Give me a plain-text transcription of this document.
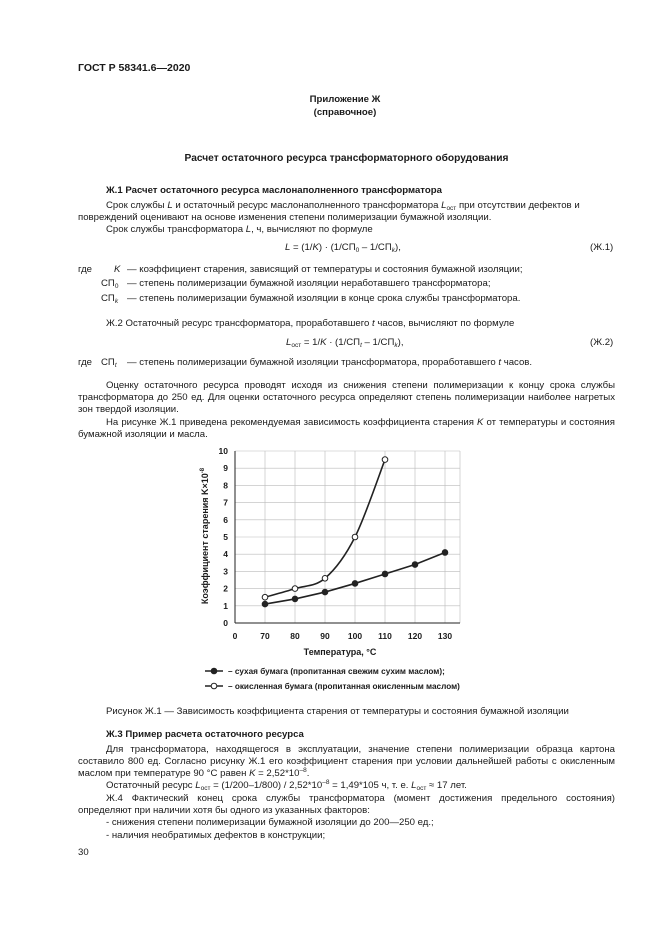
ГОСТ Р 58341.6—2020
Приложение Ж
(справочное)
Расчет остаточного ресурса трансформаторного оборудования
Ж.1 Расчет остаточного ресурса маслонаполненного трансформатора
Срок службы L и остаточный ресурс маслонаполненного трансформатора $L_{ост}$ при отсутствии дефектов и
повреждений оценивают на основе изменения степени полимеризации бумажной изоляции.
Срок службы трансформатора L, ч, вычисляют по формуле
$L = (1/K) \cdot (1/СП_0 - 1/СП_k)$,	(Ж.1)
где K — коэффициент старения, зависящий от температуры и состояния бумажной изоляции;
$СП_0$ — степень полимеризации бумажной изоляции неработавшего трансформатора;
$СП_k$ — степень полимеризации бумажной изоляции в конце срока службы трансформатора.
Ж.2 Остаточный ресурс трансформатора, проработавшего t часов, вычисляют по формуле
$L_{ост} = 1/K \cdot (1/СП_t - 1/СП_k)$,	(Ж.2)
где $СП_t$ — степень полимеризации бумажной изоляции трансформатора, проработавшего t часов.
Оценку остаточного ресурса проводят исходя из снижения степени полимеризации к концу срока службы трансформатора до 250 ед. Для оценки остаточного ресурса определяют степень полимеризации наиболее нагретых зон твердой изоляции.
На рисунке Ж.1 приведена рекомендуемая зависимость коэффициента старения K от температуры и состояния бумажной изоляции и масла.
0
1
2
3
4
5
6
7
8
9
10
0	70 80 90 100 110 120 130
Температура, °С
Коэффициент старения $K\times 10^{-8}$
– сухая бумага (пропитанная свежим сухим маслом);
– окисленная бумага (пропитанная окисленным маслом)
Рисунок Ж.1 — Зависимость коэффициента старения от температуры и состояния бумажной изоляции
Ж.3 Пример расчета остаточного ресурса
Для трансформатора, находящегося в эксплуатации, значение степени полимеризации образца картона составило 800 ед. Согласно рисунку Ж.1 его коэффициент старения при условии дальнейшей работы с окисленным маслом при температуре 90 °С равен $K = 2,52*10^{-8}$.
Остаточный ресурс $L_{ост} = (1/200-1/800) / 2,52*10^{-8} = 1,49*105$ ч, т. е. $L_{ост} \approx 17$ лет.
Ж.4 Фактический конец срока службы трансформатора (момент достижения предельного состояния) определяют при наличии хотя бы одного из указанных факторов:
- снижения степени полимеризации бумажной изоляции до 200—250 ед.;
- наличия необратимых дефектов в конструкции;
30
